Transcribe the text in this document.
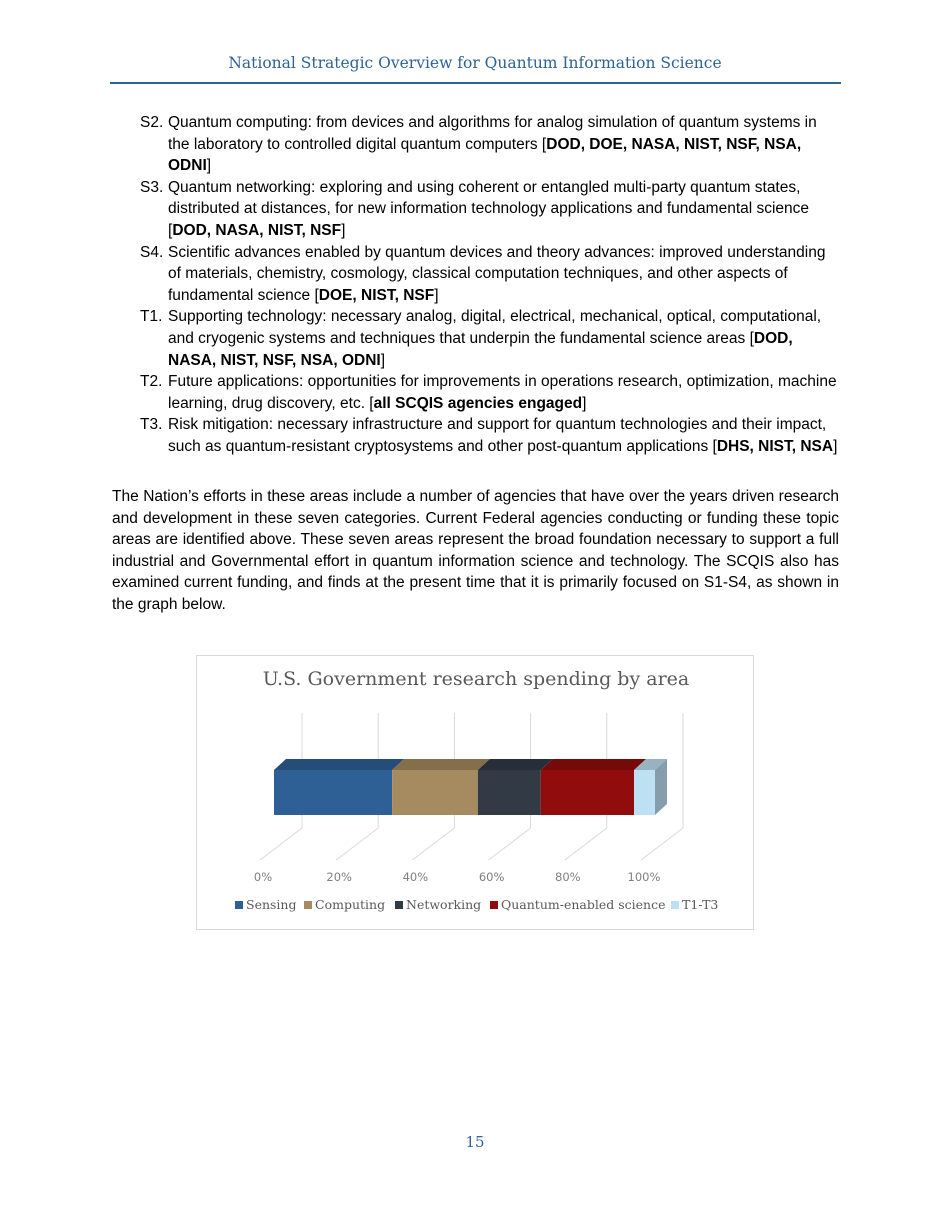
National Strategic Overview for Quantum Information Science
S2. Quantum computing: from devices and algorithms for analog simulation of quantum systems in the laboratory to controlled digital quantum computers [DOD, DOE, NASA, NIST, NSF, NSA, ODNI]
S3. Quantum networking: exploring and using coherent or entangled multi-party quantum states, distributed at distances, for new information technology applications and fundamental science [DOD, NASA, NIST, NSF]
S4. Scientific advances enabled by quantum devices and theory advances: improved understanding of materials, chemistry, cosmology, classical computation techniques, and other aspects of fundamental science [DOE, NIST, NSF]
T1. Supporting technology: necessary analog, digital, electrical, mechanical, optical, computational, and cryogenic systems and techniques that underpin the fundamental science areas [DOD, NASA, NIST, NSF, NSA, ODNI]
T2. Future applications: opportunities for improvements in operations research, optimization, machine learning, drug discovery, etc. [all SCQIS agencies engaged]
T3. Risk mitigation: necessary infrastructure and support for quantum technologies and their impact, such as quantum-resistant cryptosystems and other post-quantum applications [DHS, NIST, NSA]
The Nation’s efforts in these areas include a number of agencies that have over the years driven research and development in these seven categories. Current Federal agencies conducting or funding these topic areas are identified above. These seven areas represent the broad foundation necessary to support a full industrial and Governmental effort in quantum information science and technology. The SCQIS also has examined current funding, and finds at the present time that it is primarily focused on S1-S4, as shown in the graph below.
U.S. Government research spending by area
0%	20%	40%	60%	80%	100%
Sensing Computing Networking Quantum-enabled science T1-T3
15
